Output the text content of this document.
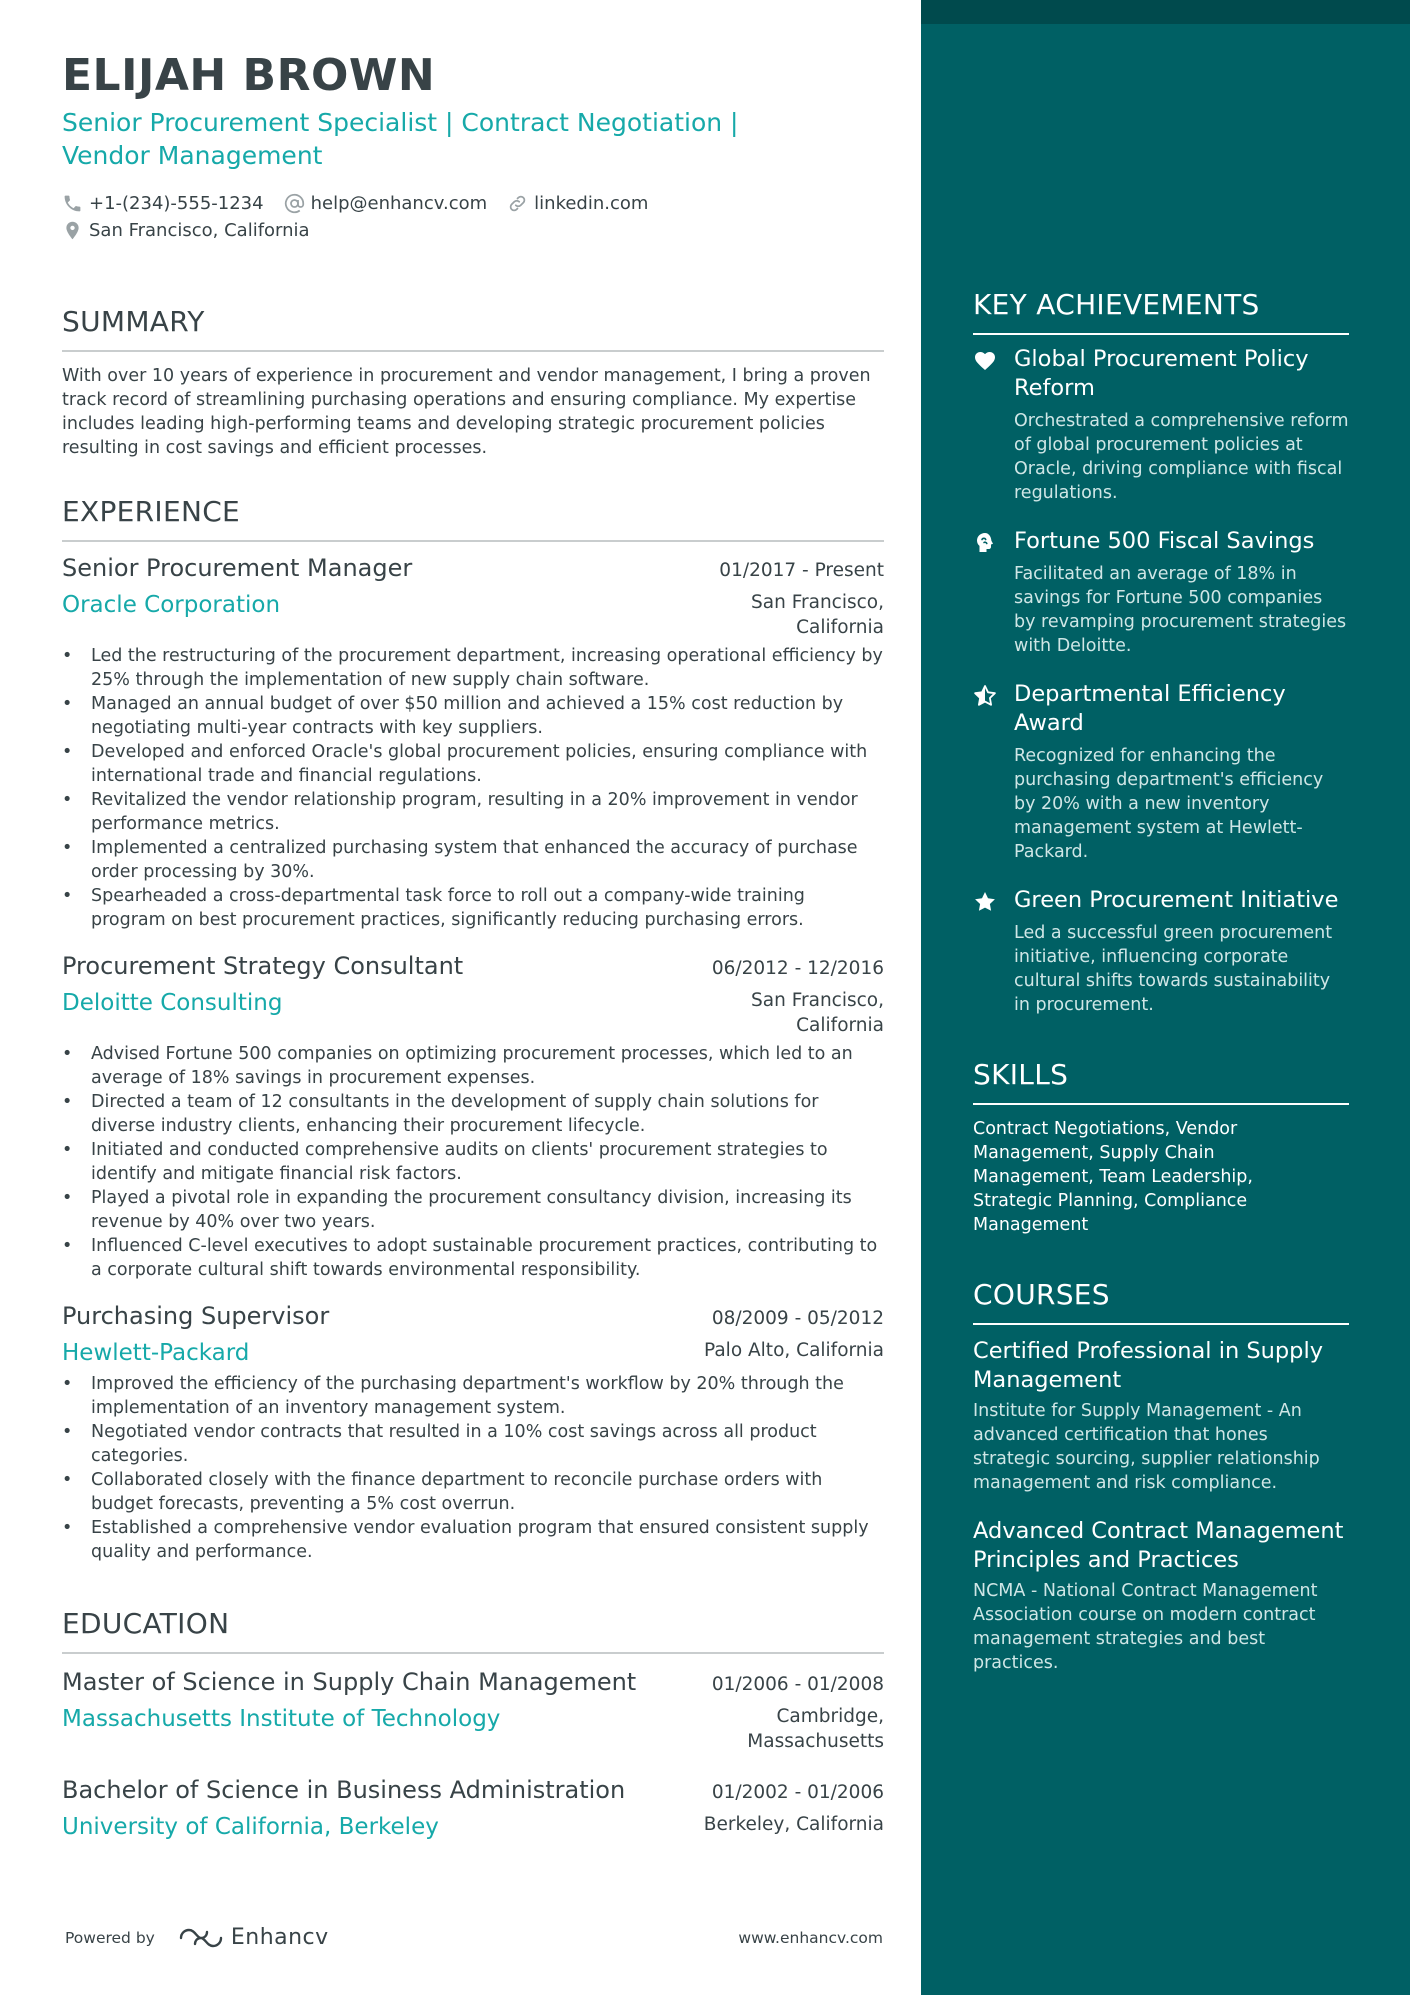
ELIJAH BROWN
Senior Procurement Specialist | Contract Negotiation |
Vendor Management
+1-(234)-555-1234	help@enhancv.com	linkedin.com
San Francisco, California
SUMMARY
With over 10 years of experience in procurement and vendor management, I bring a proven track record of streamlining purchasing operations and ensuring compliance. My expertise includes leading high-performing teams and developing strategic procurement policies resulting in cost savings and efficient processes.
EXPERIENCE
Senior Procurement Manager	01/2017 - Present
Oracle Corporation	San Francisco, California
• Led the restructuring of the procurement department, increasing operational efficiency by 25% through the implementation of new supply chain software.
• Managed an annual budget of over $50 million and achieved a 15% cost reduction by negotiating multi-year contracts with key suppliers.
• Developed and enforced Oracle's global procurement policies, ensuring compliance with international trade and financial regulations.
• Revitalized the vendor relationship program, resulting in a 20% improvement in vendor performance metrics.
• Implemented a centralized purchasing system that enhanced the accuracy of purchase order processing by 30%.
• Spearheaded a cross-departmental task force to roll out a company-wide training program on best procurement practices, significantly reducing purchasing errors.
Procurement Strategy Consultant	06/2012 - 12/2016
Deloitte Consulting	San Francisco, California
• Advised Fortune 500 companies on optimizing procurement processes, which led to an average of 18% savings in procurement expenses.
• Directed a team of 12 consultants in the development of supply chain solutions for diverse industry clients, enhancing their procurement lifecycle.
• Initiated and conducted comprehensive audits on clients' procurement strategies to identify and mitigate financial risk factors.
• Played a pivotal role in expanding the procurement consultancy division, increasing its revenue by 40% over two years.
• Influenced C-level executives to adopt sustainable procurement practices, contributing to a corporate cultural shift towards environmental responsibility.
Purchasing Supervisor	08/2009 - 05/2012
Hewlett-Packard	Palo Alto, California
• Improved the efficiency of the purchasing department's workflow by 20% through the implementation of an inventory management system.
• Negotiated vendor contracts that resulted in a 10% cost savings across all product categories.
• Collaborated closely with the finance department to reconcile purchase orders with budget forecasts, preventing a 5% cost overrun.
• Established a comprehensive vendor evaluation program that ensured consistent supply quality and performance.
EDUCATION
Master of Science in Supply Chain Management	01/2006 - 01/2008
Massachusetts Institute of Technology	Cambridge, Massachusetts
Bachelor of Science in Business Administration	01/2002 - 01/2006
University of California, Berkeley	Berkeley, California
Powered by	Enhancv	www.enhancv.com
KEY ACHIEVEMENTS
Global Procurement Policy Reform
Orchestrated a comprehensive reform of global procurement policies at Oracle, driving compliance with fiscal regulations.
Fortune 500 Fiscal Savings
Facilitated an average of 18% in savings for Fortune 500 companies by revamping procurement strategies with Deloitte.
Departmental Efficiency Award
Recognized for enhancing the purchasing department's efficiency by 20% with a new inventory management system at Hewlett-Packard.
Green Procurement Initiative
Led a successful green procurement initiative, influencing corporate cultural shifts towards sustainability in procurement.
SKILLS
Contract Negotiations, Vendor Management, Supply Chain Management, Team Leadership, Strategic Planning, Compliance Management
COURSES
Certified Professional in Supply Management
Institute for Supply Management - An advanced certification that hones strategic sourcing, supplier relationship management and risk compliance.
Advanced Contract Management Principles and Practices
NCMA - National Contract Management Association course on modern contract management strategies and best practices.
